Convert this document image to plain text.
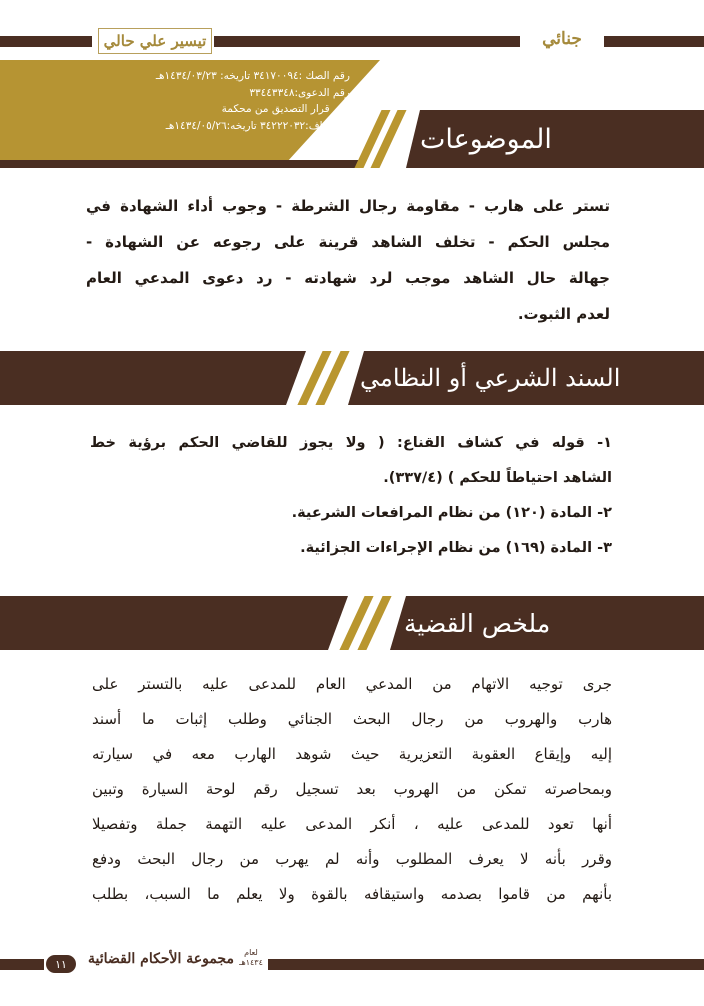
تيسير علي حالي	جنائي
رقم الصك :٣٤١٧٠٠٩٤ تاريخه: ١٤٣٤/٠٣/٢٣هـ
رقم الدعوى:٣٣٤٤٣٣٤٨
رقم قرار التصديق من محكمة
الاستئناف:٣٤٢٢٢٠٣٢ تاريخه:١٤٣٤/٠٥/٢٦هـ	الموضوعات
تستر على هارب - مقاومة رجال الشرطة - وجوب أداء الشهادة في
مجلس الحكم - تخلف الشاهد قرينة على رجوعه عن الشهادة -
جهالة حال الشاهد موجب لرد شهادته - رد دعوى المدعي العام
لعدم الثبوت.
السند الشرعي أو النظامي
١- قوله في كشاف القناع: ( ولا يجوز للقاضي الحكم برؤية خط
الشاهد احتياطاً للحكم ) (٣٣٧/٤).
٢- المادة (١٢٠) من نظام المرافعات الشرعية.
٣- المادة (١٦٩) من نظام الإجراءات الجزائية.
ملخص القضية
جرى توجيه الاتهام من المدعي العام للمدعى عليه بالتستر على
هارب والهروب من رجال البحث الجنائي وطلب إثبات ما أسند
إليه وإيقاع العقوبة التعزيرية حيث شوهد الهارب معه في سيارته
وبمحاصرته تمكن من الهروب بعد تسجيل رقم لوحة السيارة وتبين
أنها تعود للمدعى عليه ، أنكر المدعى عليه التهمة جملة وتفصيلا
وقرر بأنه لا يعرف المطلوب وأنه لم يهرب من رجال البحث ودفع
بأنهم من قاموا بصدمه واستيقافه بالقوة ولا يعلم ما السبب، بطلب
١١	مجموعة الأحكام القضائية	لعام
١٤٣٤هـ
